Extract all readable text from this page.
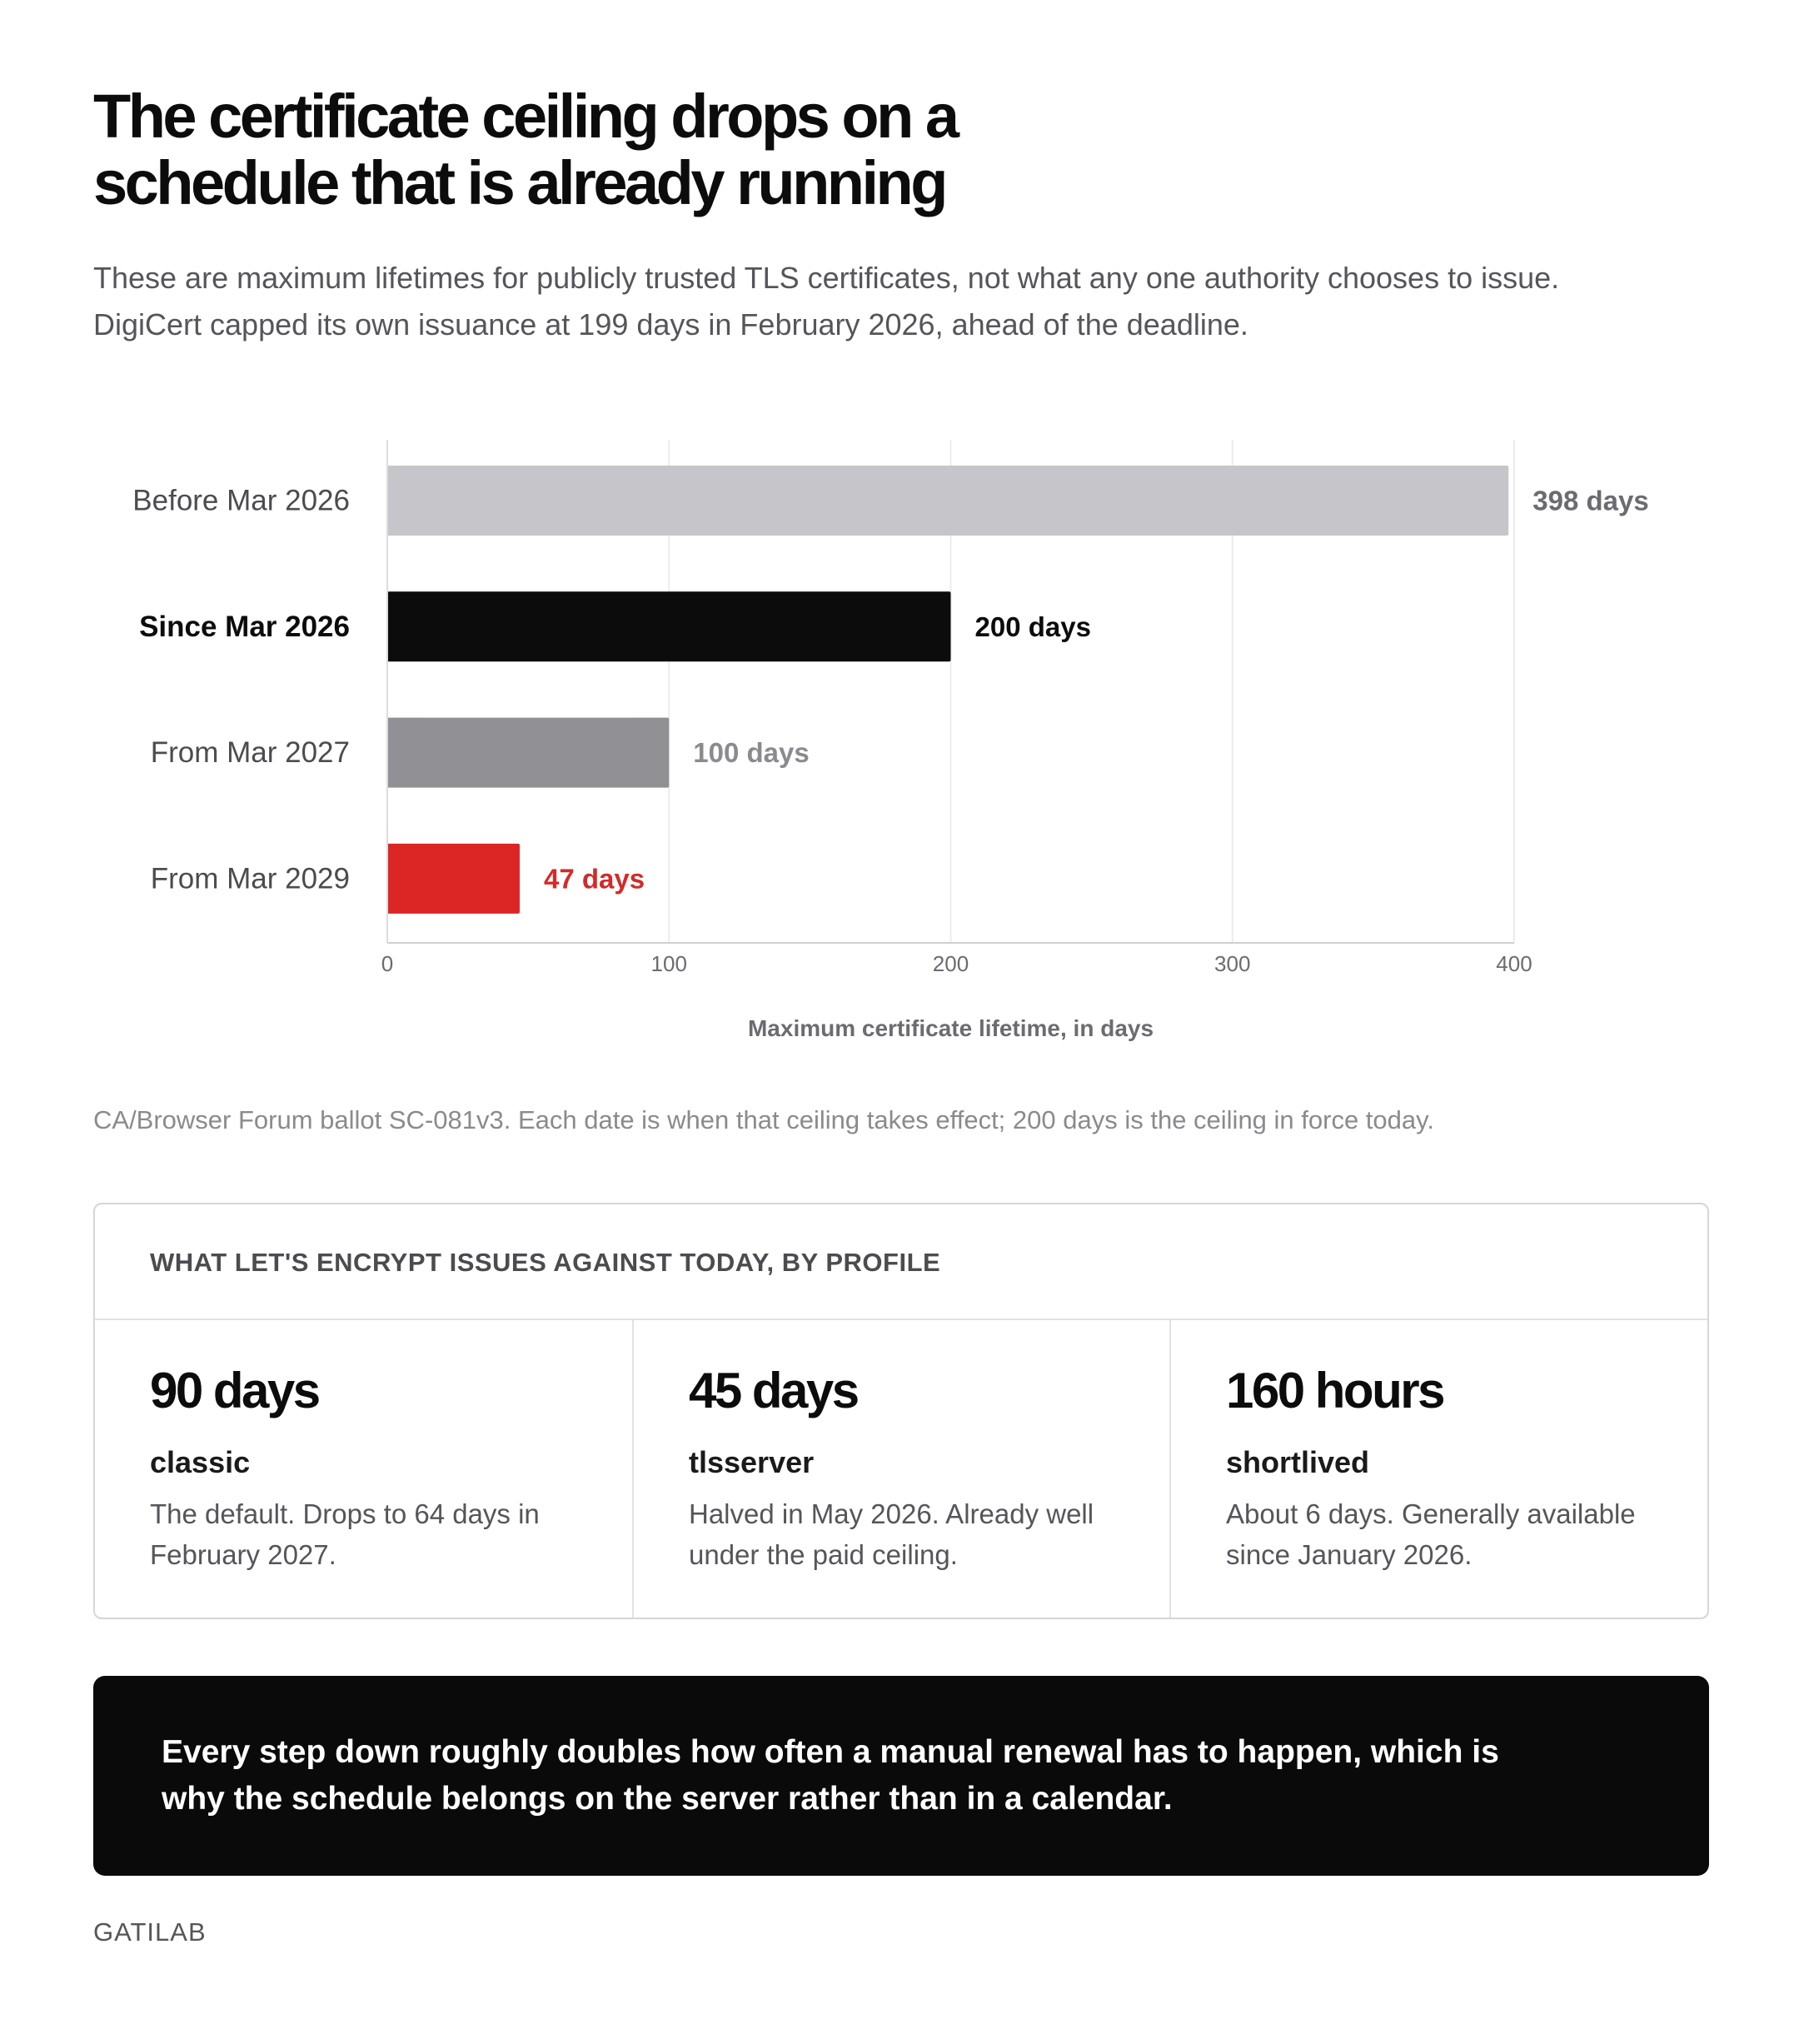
The certificate ceiling drops on a schedule that is already running

These are maximum lifetimes for publicly trusted TLS certificates, not what any one authority chooses to issue.
DigiCert capped its own issuance at 199 days in February 2026, ahead of the deadline.

Before Mar 2026	398 days
Since Mar 2026	200 days
From Mar 2027	100 days
From Mar 2029	47 days
0	100	200	300	400
Maximum certificate lifetime, in days

CA/Browser Forum ballot SC-081v3. Each date is when that ceiling takes effect; 200 days is the ceiling in force today.

WHAT LET'S ENCRYPT ISSUES AGAINST TODAY, BY PROFILE

90 days

classic

The default. Drops to 64 days in February 2027.

45 days

tlsserver

Halved in May 2026. Already well under the paid ceiling.

160 hours

shortlived

About 6 days. Generally available since January 2026.

Every step down roughly doubles how often a manual renewal has to happen, which is
why the schedule belongs on the server rather than in a calendar.

GATILAB
